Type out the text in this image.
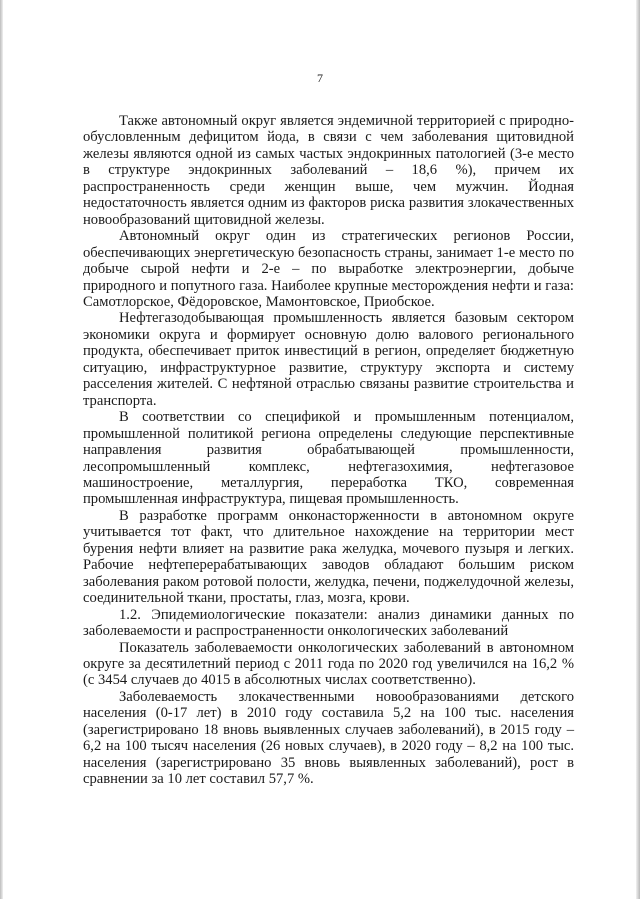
7

Также автономный округ является эндемичной территорией с природно-обусловленным дефицитом йода, в связи с чем заболевания щитовидной железы являются одной из самых частых эндокринных патологией (3-е место в структуре эндокринных заболеваний – 18,6 %), причем их распространенность среди женщин выше, чем мужчин. Йодная недостаточность является одним из факторов риска развития злокачественных новообразований щитовидной железы.

Автономный округ один из стратегических регионов России, обеспечивающих энергетическую безопасность страны, занимает 1-е место по добыче сырой нефти и 2-е – по выработке электроэнергии, добыче природного и попутного газа. Наиболее крупные месторождения нефти и газа: Самотлорское, Фёдоровское, Мамонтовское, Приобское.

Нефтегазодобывающая промышленность является базовым сектором экономики округа и формирует основную долю валового регионального продукта, обеспечивает приток инвестиций в регион, определяет бюджетную ситуацию, инфраструктурное развитие, структуру экспорта и систему расселения жителей. С нефтяной отраслью связаны развитие строительства и транспорта.

В соответствии со спецификой и промышленным потенциалом, промышленной политикой региона определены следующие перспективные направления развития обрабатывающей промышленности, лесопромышленный комплекс, нефтегазохимия, нефтегазовое машиностроение, металлургия, переработка ТКО, современная промышленная инфраструктура, пищевая промышленность.

В разработке программ онконасторженности в автономном округе учитывается тот факт, что длительное нахождение на территории мест бурения нефти влияет на развитие рака желудка, мочевого пузыря и легких. Рабочие нефтеперерабатывающих заводов обладают большим риском заболевания раком ротовой полости, желудка, печени, поджелудочной железы, соединительной ткани, простаты, глаз, мозга, крови.

1.2. Эпидемиологические показатели: анализ динамики данных по заболеваемости и распространенности онкологических заболеваний

Показатель заболеваемости онкологических заболеваний в автономном округе за десятилетний период с 2011 года по 2020 год увеличился на 16,2 % (с 3454 случаев до 4015 в абсолютных числах соответственно).

Заболеваемость злокачественными новообразованиями детского населения (0-17 лет) в 2010 году составила 5,2 на 100 тыс. населения (зарегистрировано 18 вновь выявленных случаев заболеваний), в 2015 году – 6,2 на 100 тысяч населения (26 новых случаев), в 2020 году – 8,2 на 100 тыс. населения (зарегистрировано 35 вновь выявленных заболеваний), рост в сравнении за 10 лет составил 57,7 %.
